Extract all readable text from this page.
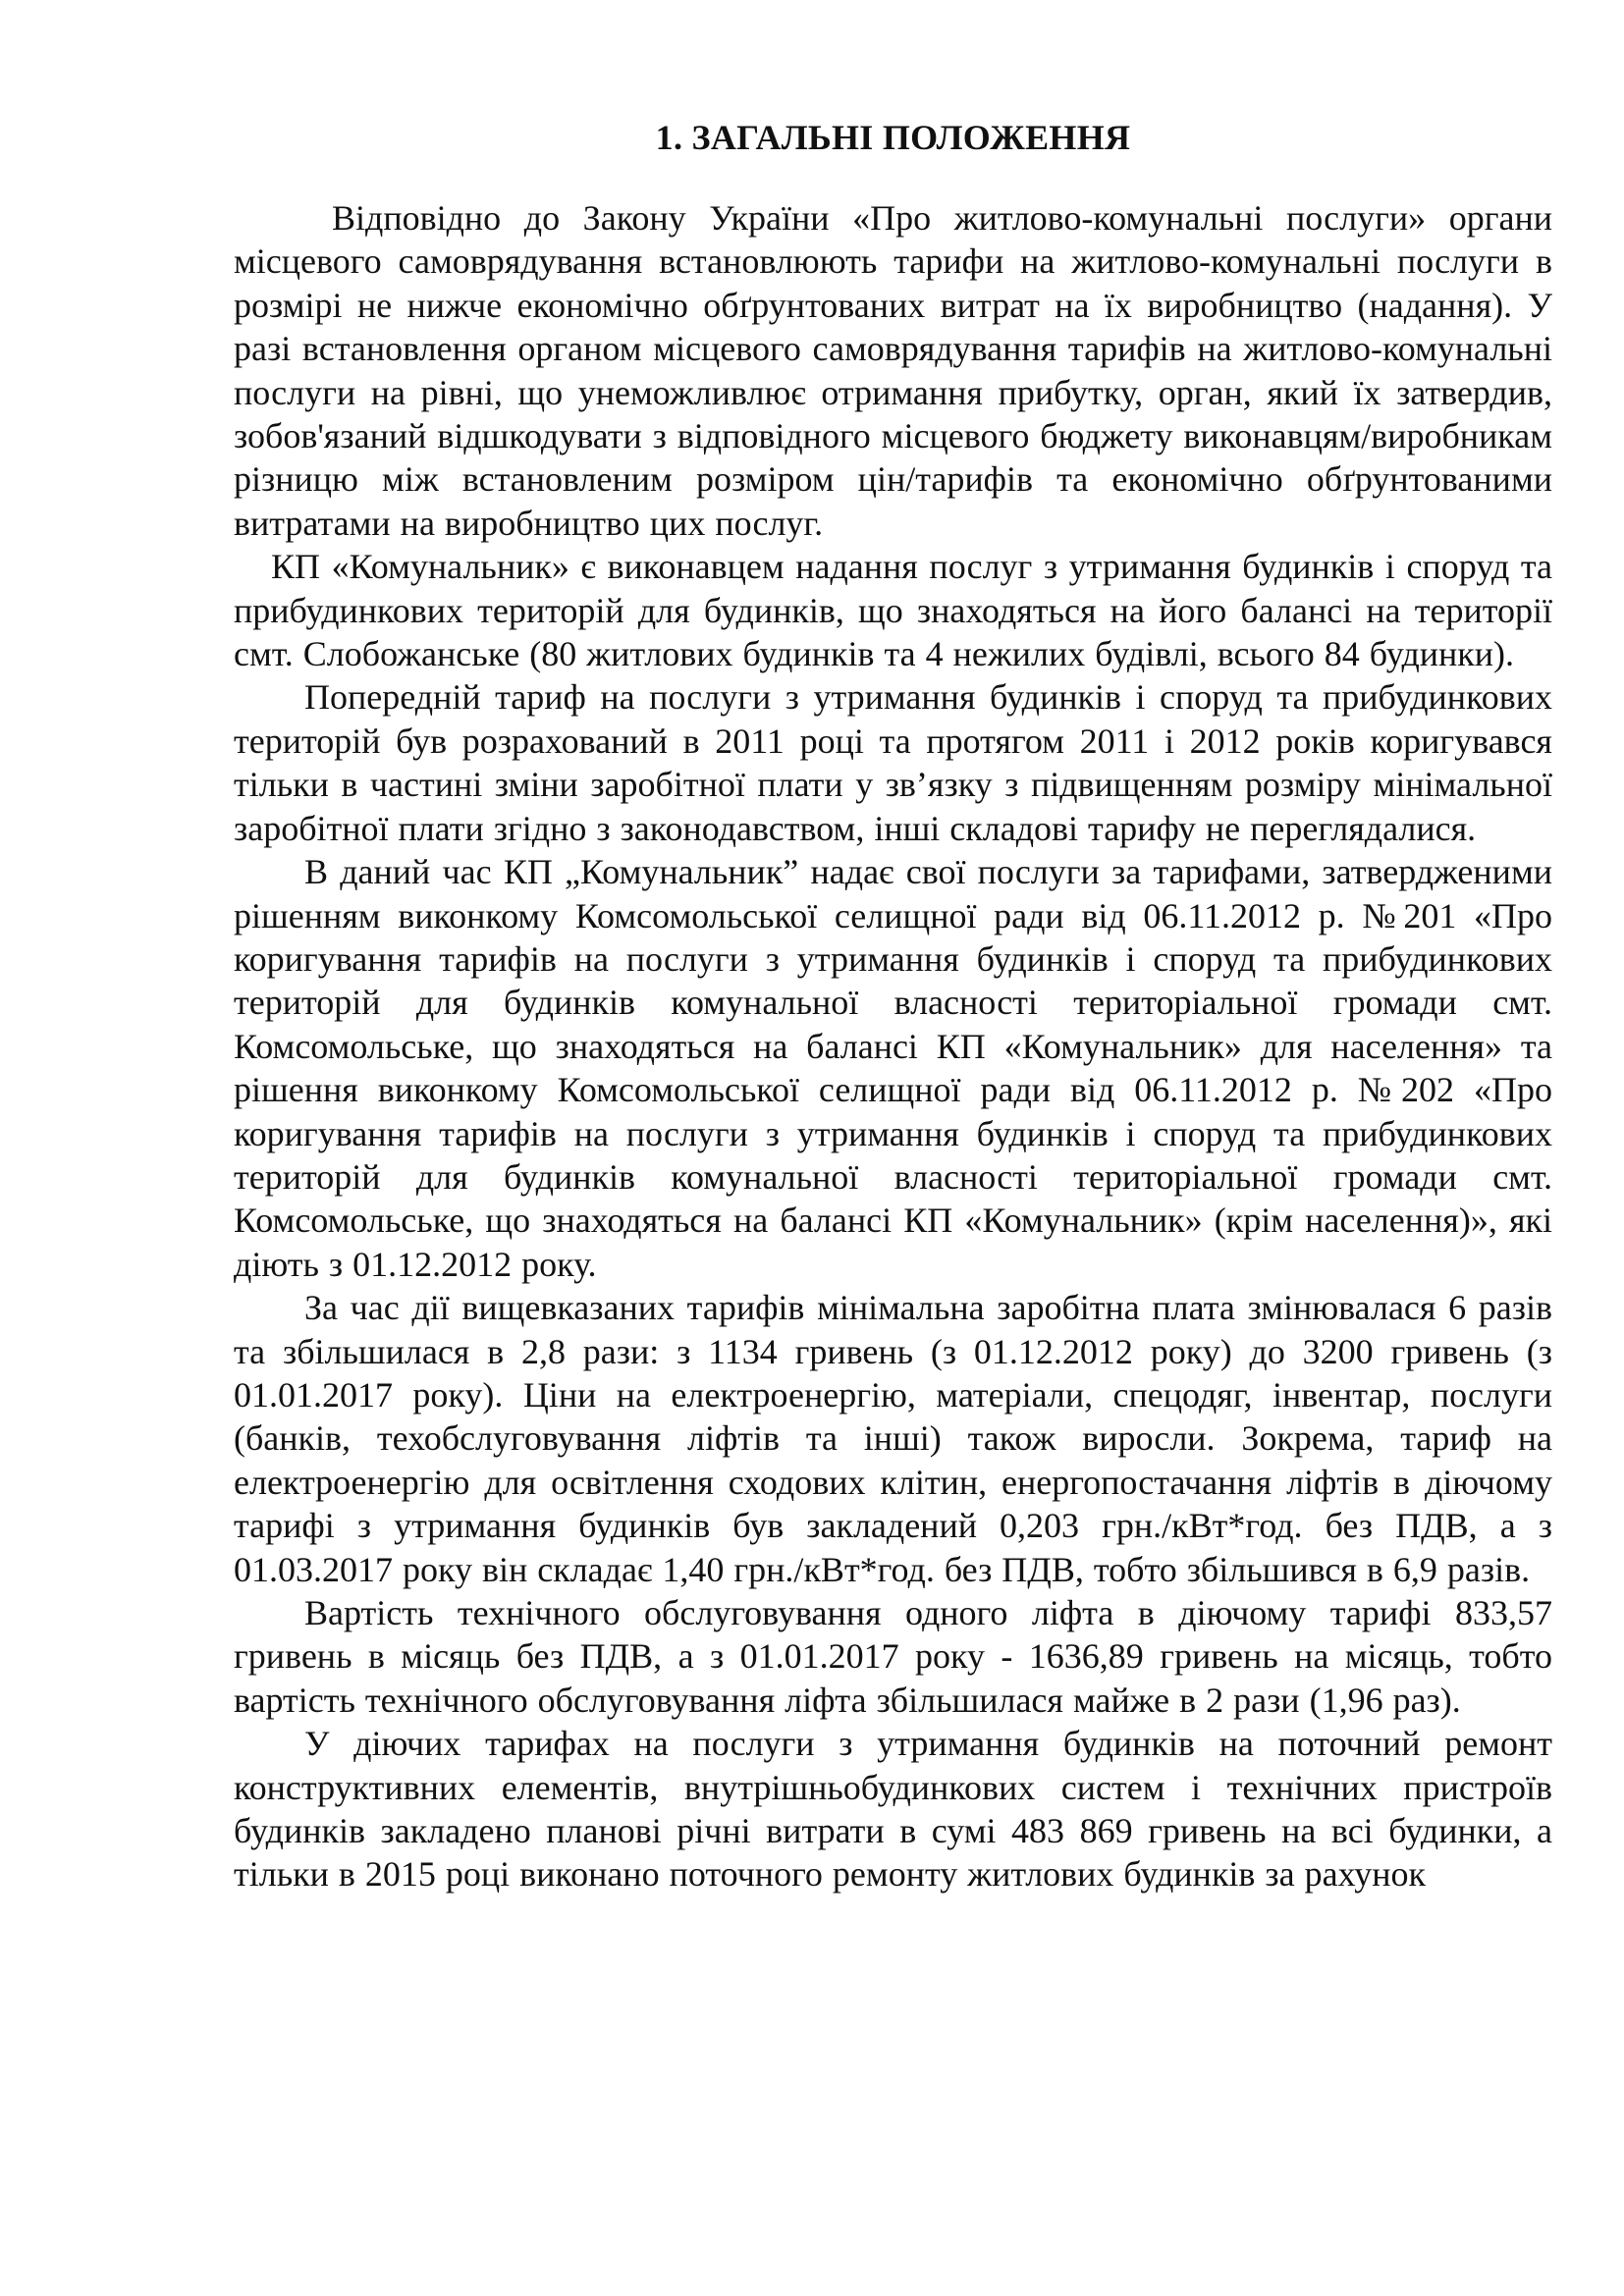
1. ЗАГАЛЬНІ ПОЛОЖЕННЯ

Відповідно до Закону України «Про житлово-комунальні послуги» органи місцевого самоврядування встановлюють тарифи на житлово-комунальні послуги в розмірі не нижче економічно обґрунтованих витрат на їх виробництво (надання). У разі встановлення органом місцевого самоврядування тарифів на житлово-комунальні послуги на рівні, що унеможливлює отримання прибутку, орган, який їх затвердив, зобов'язаний відшкодувати з відповідного місцевого бюджету виконавцям/виробникам різницю між встановленим розміром цін/тарифів та економічно обґрунтованими витратами на виробництво цих послуг.

КП «Комунальник» є виконавцем надання послуг з утримання будинків і споруд та прибудинкових територій для будинків, що знаходяться на його балансі на території смт. Слобожанське (80 житлових будинків та 4 нежилих будівлі, всього 84 будинки).

Попередній тариф на послуги з утримання будинків і споруд та прибудинкових територій був розрахований в 2011 році та протягом 2011 і 2012 років коригувався тільки в частині зміни заробітної плати у зв’язку з підвищенням розміру мінімальної заробітної плати згідно з законодавством, інші складові тарифу не переглядалися.

В даний час КП „Комунальник” надає свої послуги за тарифами, затвердженими рішенням виконкому Комсомольської селищної ради від 06.11.2012 р. №201 «Про коригування тарифів на послуги з утримання будинків і споруд та прибудинкових територій для будинків комунальної власності територіальної громади смт. Комсомольське, що знаходяться на балансі КП «Комунальник» для населення» та рішення виконкому Комсомольської селищної ради від 06.11.2012 р. №202 «Про коригування тарифів на послуги з утримання будинків і споруд та прибудинкових територій для будинків комунальної власності територіальної громади смт. Комсомольське, що знаходяться на балансі КП «Комунальник» (крім населення)», які діють з 01.12.2012 року.

За час дії вищевказаних тарифів мінімальна заробітна плата змінювалася 6 разів та збільшилася в 2,8 рази: з 1134 гривень (з 01.12.2012 року) до 3200 гривень (з 01.01.2017 року). Ціни на електроенергію, матеріали, спецодяг, інвентар, послуги (банків, техобслуговування ліфтів та інші) також виросли. Зокрема, тариф на електроенергію для освітлення сходових клітин, енергопостачання ліфтів в діючому тарифі з утримання будинків був закладений 0,203 грн./кВт*год. без ПДВ, а з 01.03.2017 року він складає 1,40 грн./кВт*год. без ПДВ, тобто збільшився в 6,9 разів.

Вартість технічного обслуговування одного ліфта в діючому тарифі 833,57 гривень в місяць без ПДВ, а з 01.01.2017 року - 1636,89 гривень на місяць, тобто вартість технічного обслуговування ліфта збільшилася майже в 2 рази (1,96 раз).

У діючих тарифах на послуги з утримання будинків на поточний ремонт конструктивних елементів, внутрішньобудинкових систем і технічних пристроїв будинків закладено планові річні витрати в сумі 483 869 гривень на всі будинки, а тільки в 2015 році виконано поточного ремонту житлових будинків за рахунок
